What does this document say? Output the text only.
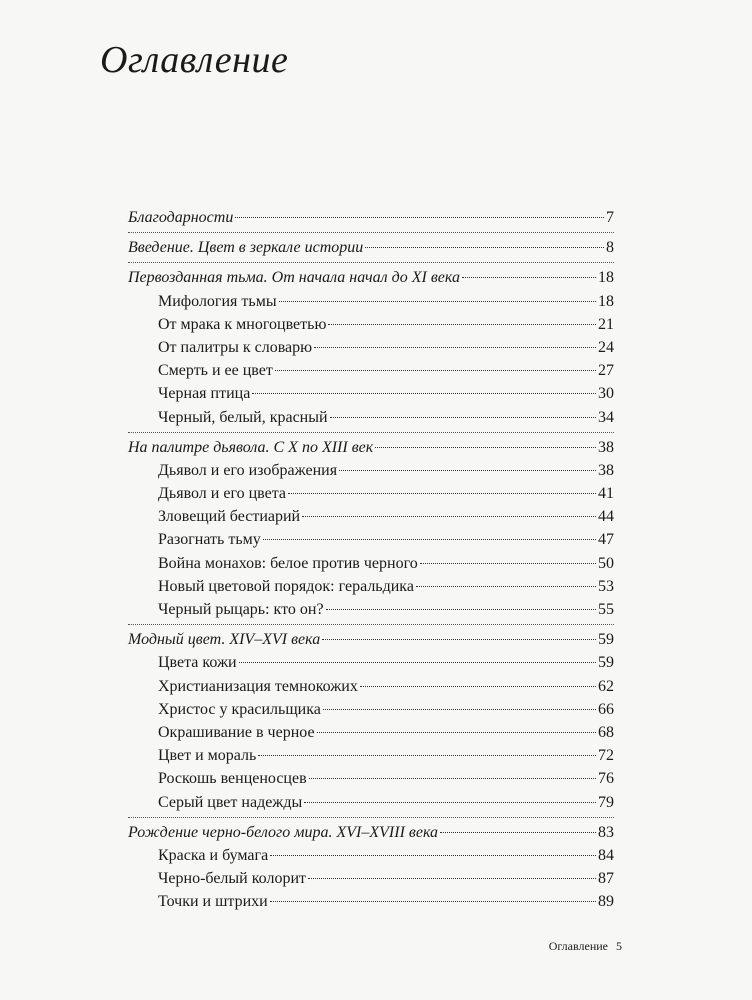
Оглавление
Благодарности	7
Введение. Цвет в зеркале истории	8
Первозданная тьма. От начала начал до XI века	18
Мифология тьмы	18
От мрака к многоцветью	21
От палитры к словарю	24
Смерть и ее цвет	27
Черная птица	30
Черный, белый, красный	34
На палитре дьявола. С X по XIII век	38
Дьявол и его изображения	38
Дьявол и его цвета	41
Зловещий бестиарий	44
Разогнать тьму	47
Война монахов: белое против черного	50
Новый цветовой порядок: геральдика	53
Черный рыцарь: кто он?	55
Модный цвет. XIV–XVI века	59
Цвета кожи	59
Христианизация темнокожих	62
Христос у красильщика	66
Окрашивание в черное	68
Цвет и мораль	72
Роскошь венценосцев	76
Серый цвет надежды	79
Рождение черно-белого мира. XVI–XVIII века	83
Краска и бумага	84
Черно-белый колорит	87
Точки и штрихи	89
Оглавление 5
